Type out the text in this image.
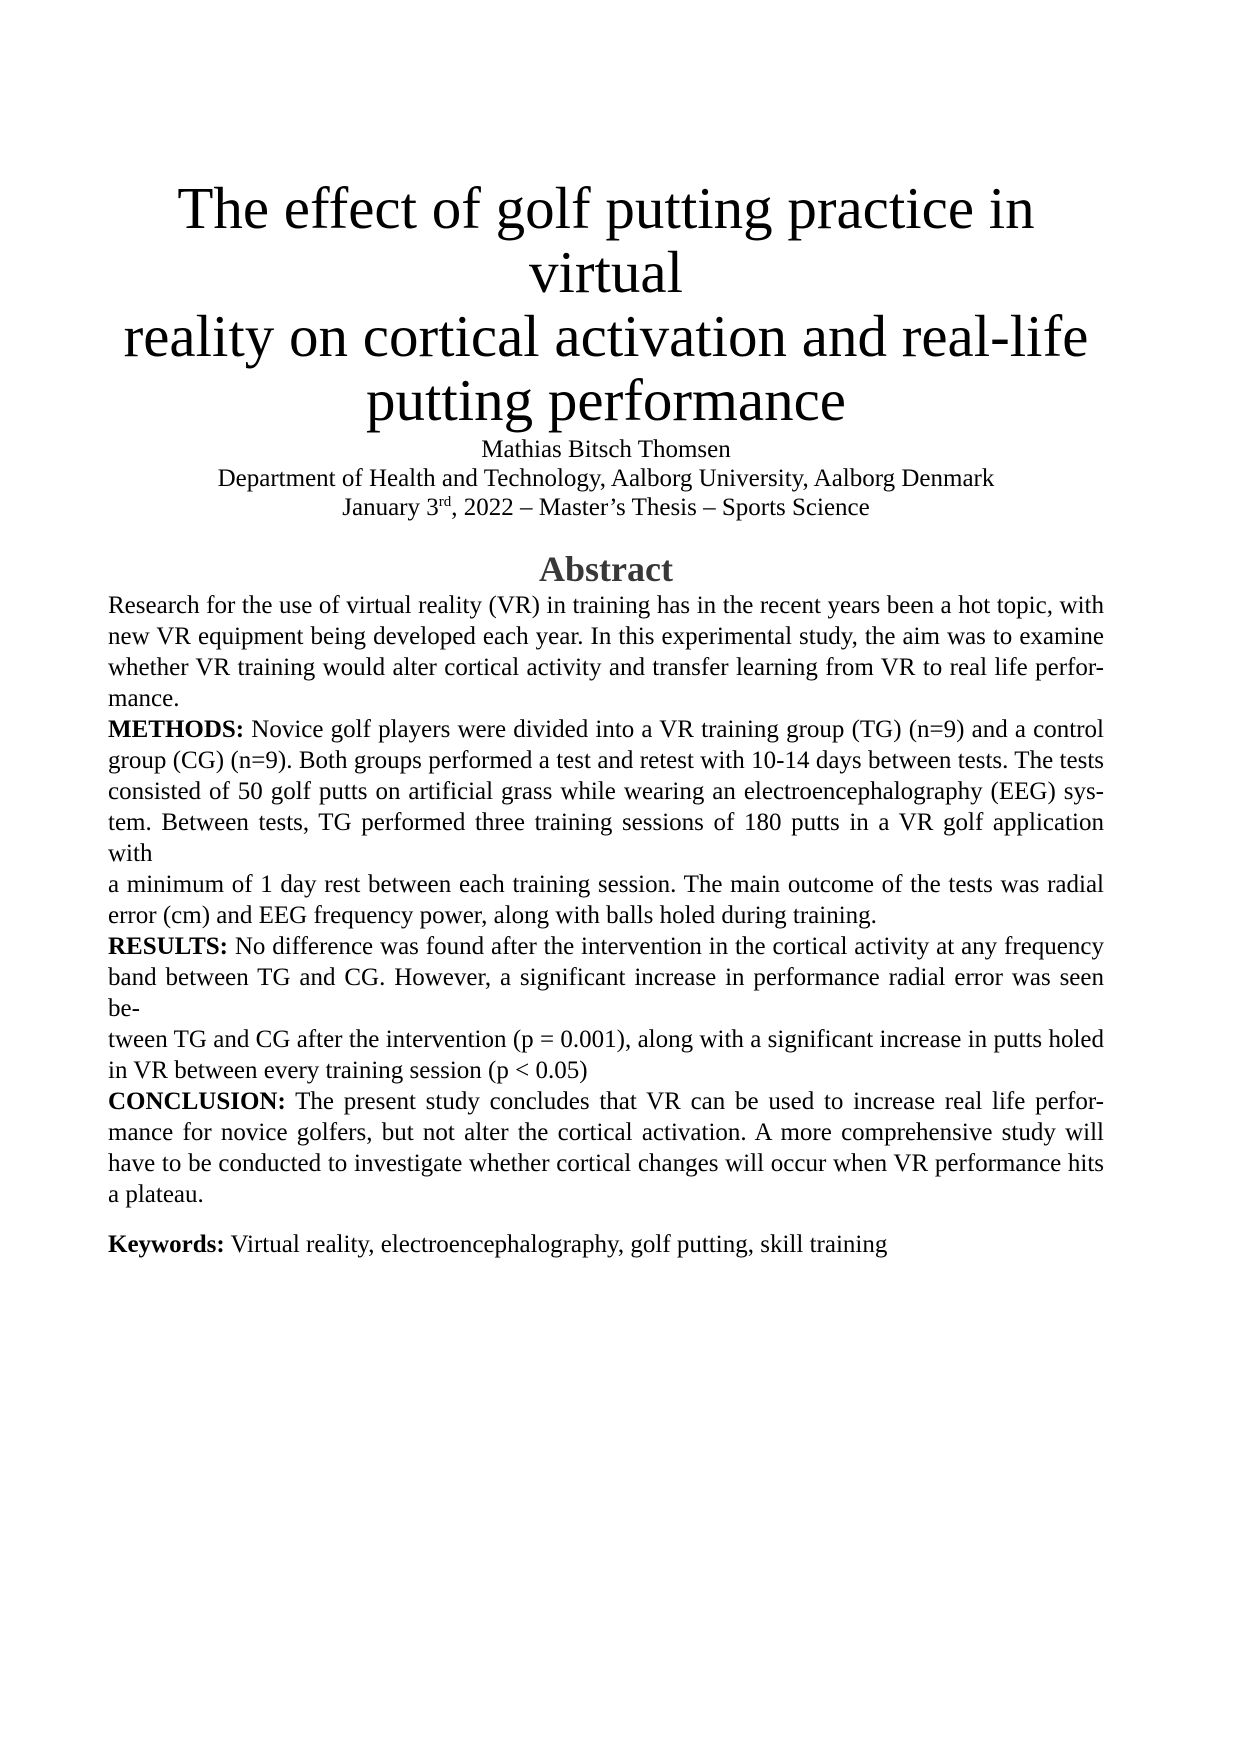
The effect of golf putting practice in virtual
reality on cortical activation and real-life
putting performance
Mathias Bitsch Thomsen
Department of Health and Technology, Aalborg University, Aalborg Denmark
January 3rd, 2022 – Master’s Thesis – Sports Science
Abstract
Research for the use of virtual reality (VR) in training has in the recent years been a hot topic, with
new VR equipment being developed each year. In this experimental study, the aim was to examine
whether VR training would alter cortical activity and transfer learning from VR to real life perfor-
mance.
METHODS: Novice golf players were divided into a VR training group (TG) (n=9) and a control
group (CG) (n=9). Both groups performed a test and retest with 10-14 days between tests. The tests
consisted of 50 golf putts on artificial grass while wearing an electroencephalography (EEG) sys-
tem. Between tests, TG performed three training sessions of 180 putts in a VR golf application with
a minimum of 1 day rest between each training session. The main outcome of the tests was radial
error (cm) and EEG frequency power, along with balls holed during training.
RESULTS: No difference was found after the intervention in the cortical activity at any frequency
band between TG and CG. However, a significant increase in performance radial error was seen be-
tween TG and CG after the intervention (p = 0.001), along with a significant increase in putts holed
in VR between every training session (p < 0.05)
CONCLUSION: The present study concludes that VR can be used to increase real life perfor-
mance for novice golfers, but not alter the cortical activation. A more comprehensive study will
have to be conducted to investigate whether cortical changes will occur when VR performance hits
a plateau.
Keywords: Virtual reality, electroencephalography, golf putting, skill training
